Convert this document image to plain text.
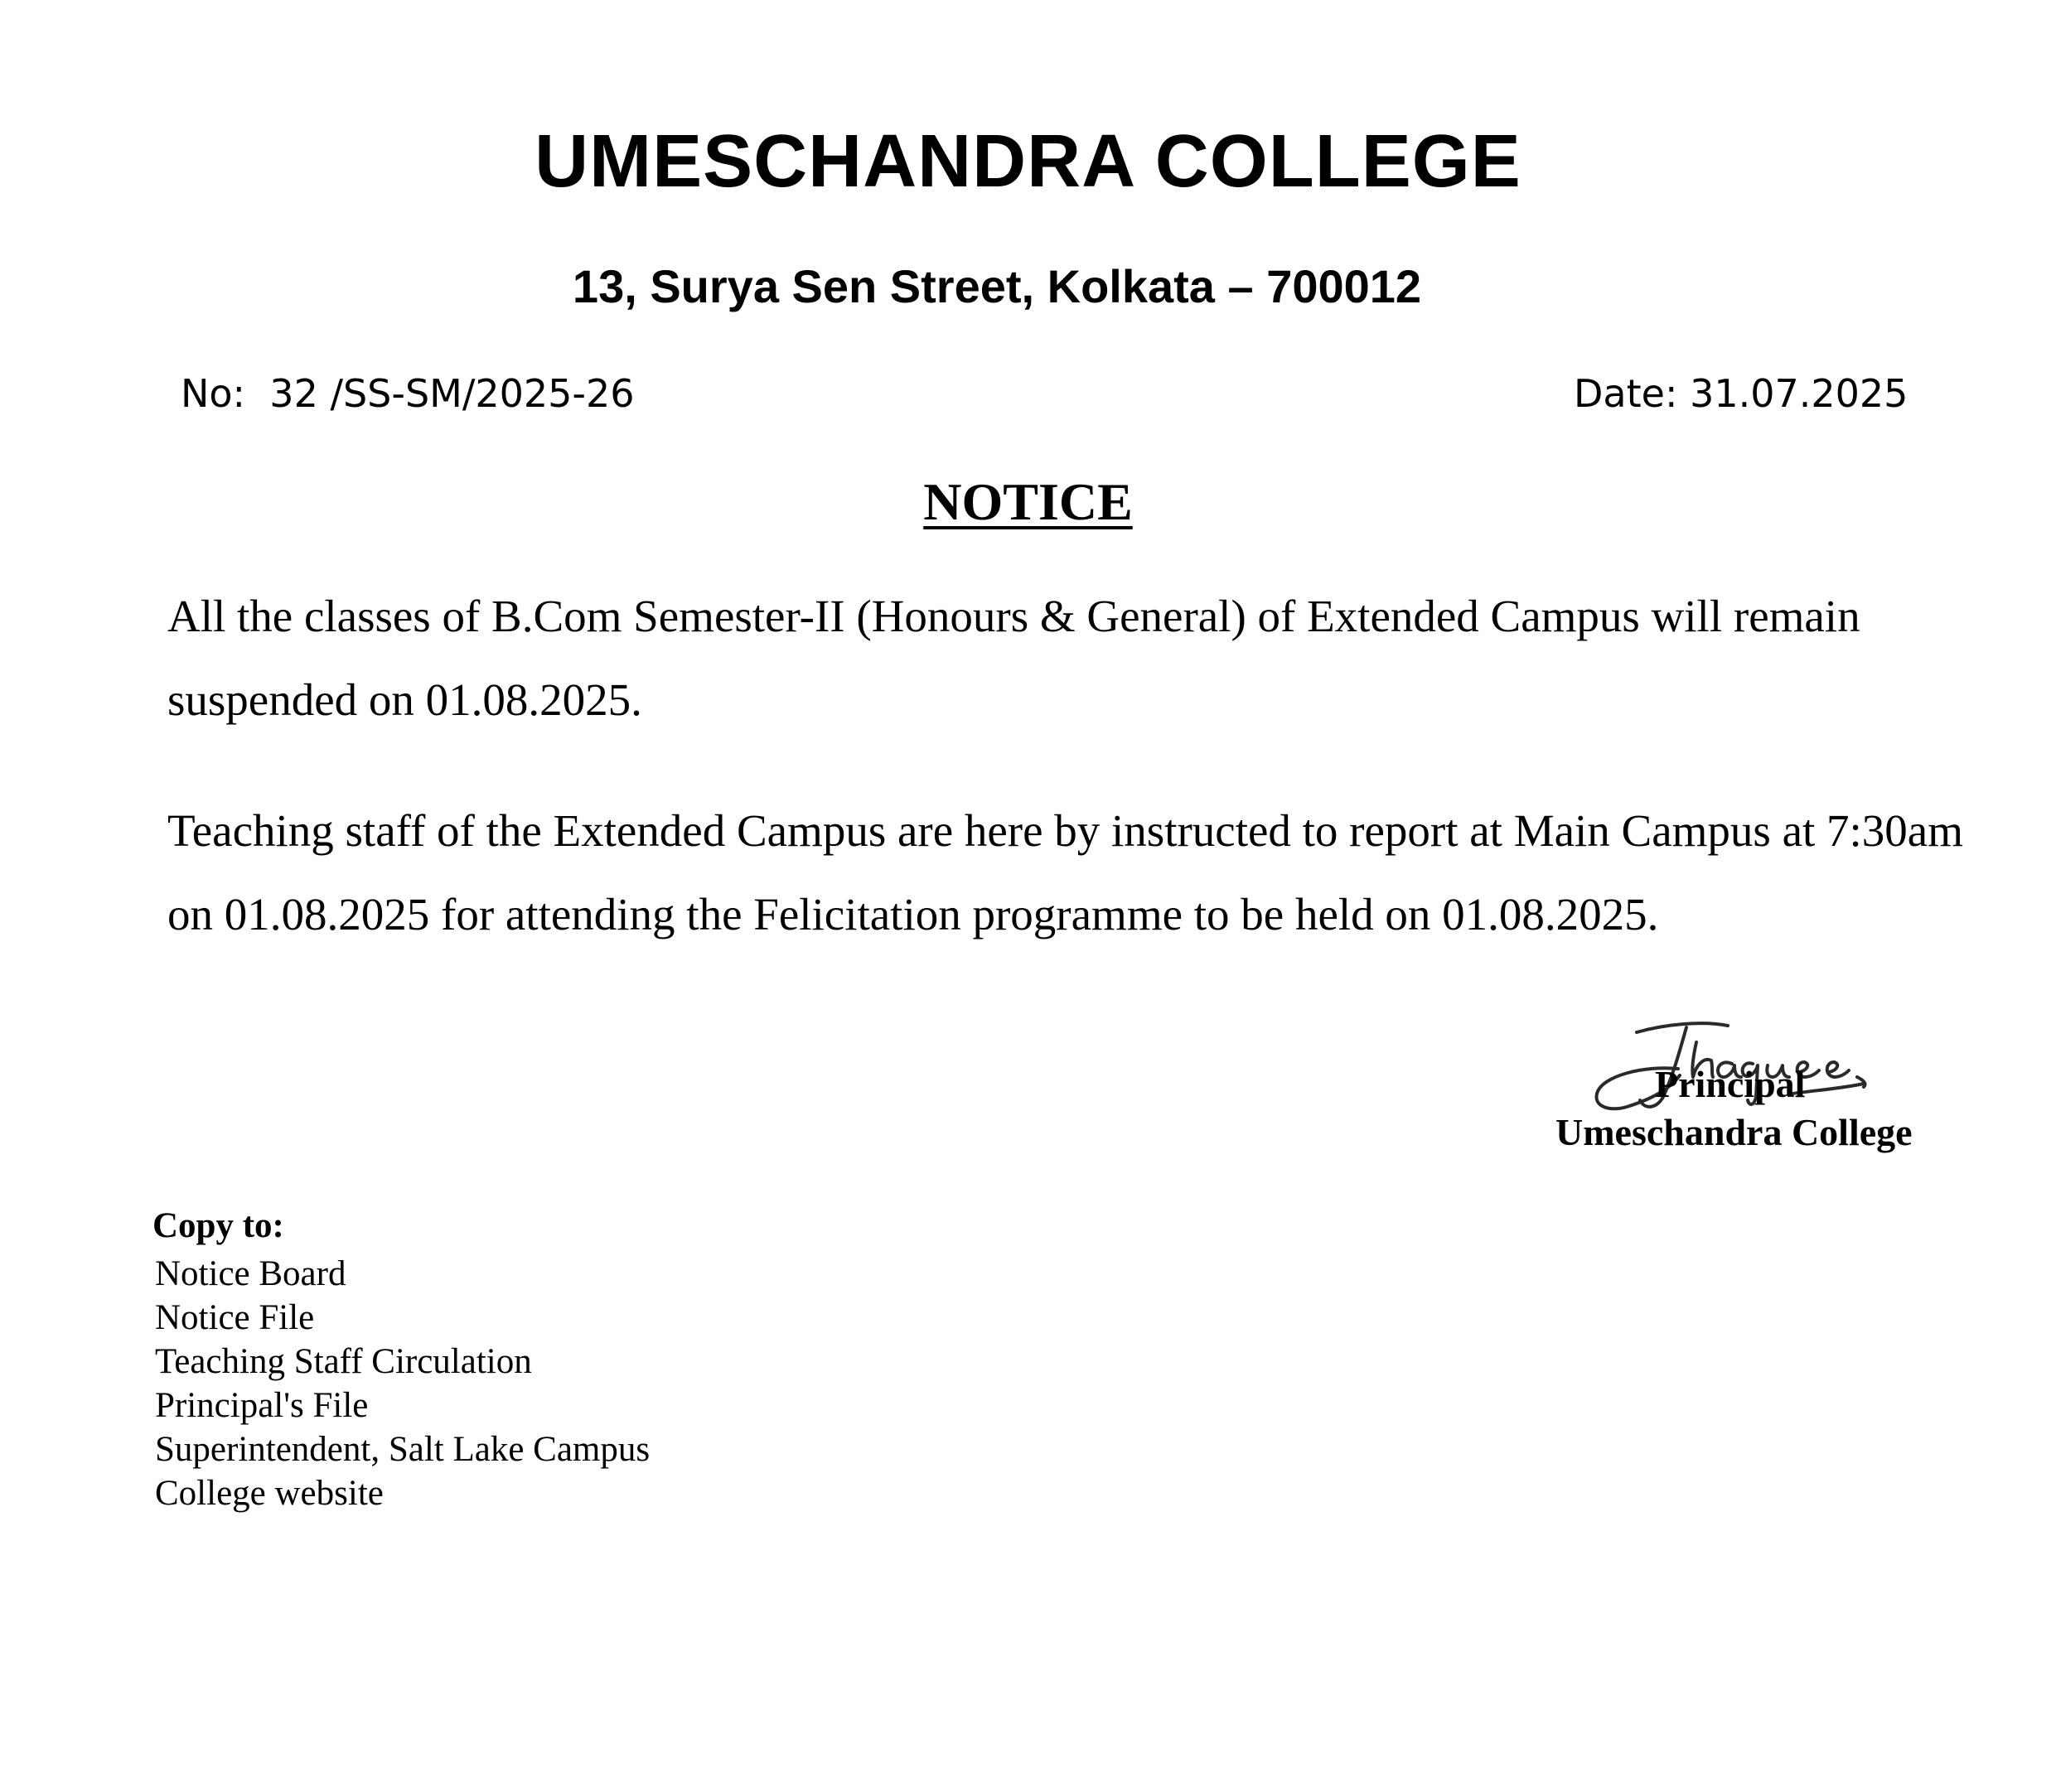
UMESCHANDRA COLLEGE
13, Surya Sen Street, Kolkata – 700012
No:  32 /SS-SM/2025-26	Date: 31.07.2025
NOTICE
All the classes of B.Com Semester-II (Honours & General) of Extended Campus will remain suspended on 01.08.2025.
Teaching staff of the Extended Campus are here by instructed to report at Main Campus at 7:30am on 01.08.2025 for attending the Felicitation programme to be held on 01.08.2025.
Principal
Umeschandra College
Copy to:
Notice Board
Notice File
Teaching Staff Circulation
Principal's File
Superintendent, Salt Lake Campus
College website
